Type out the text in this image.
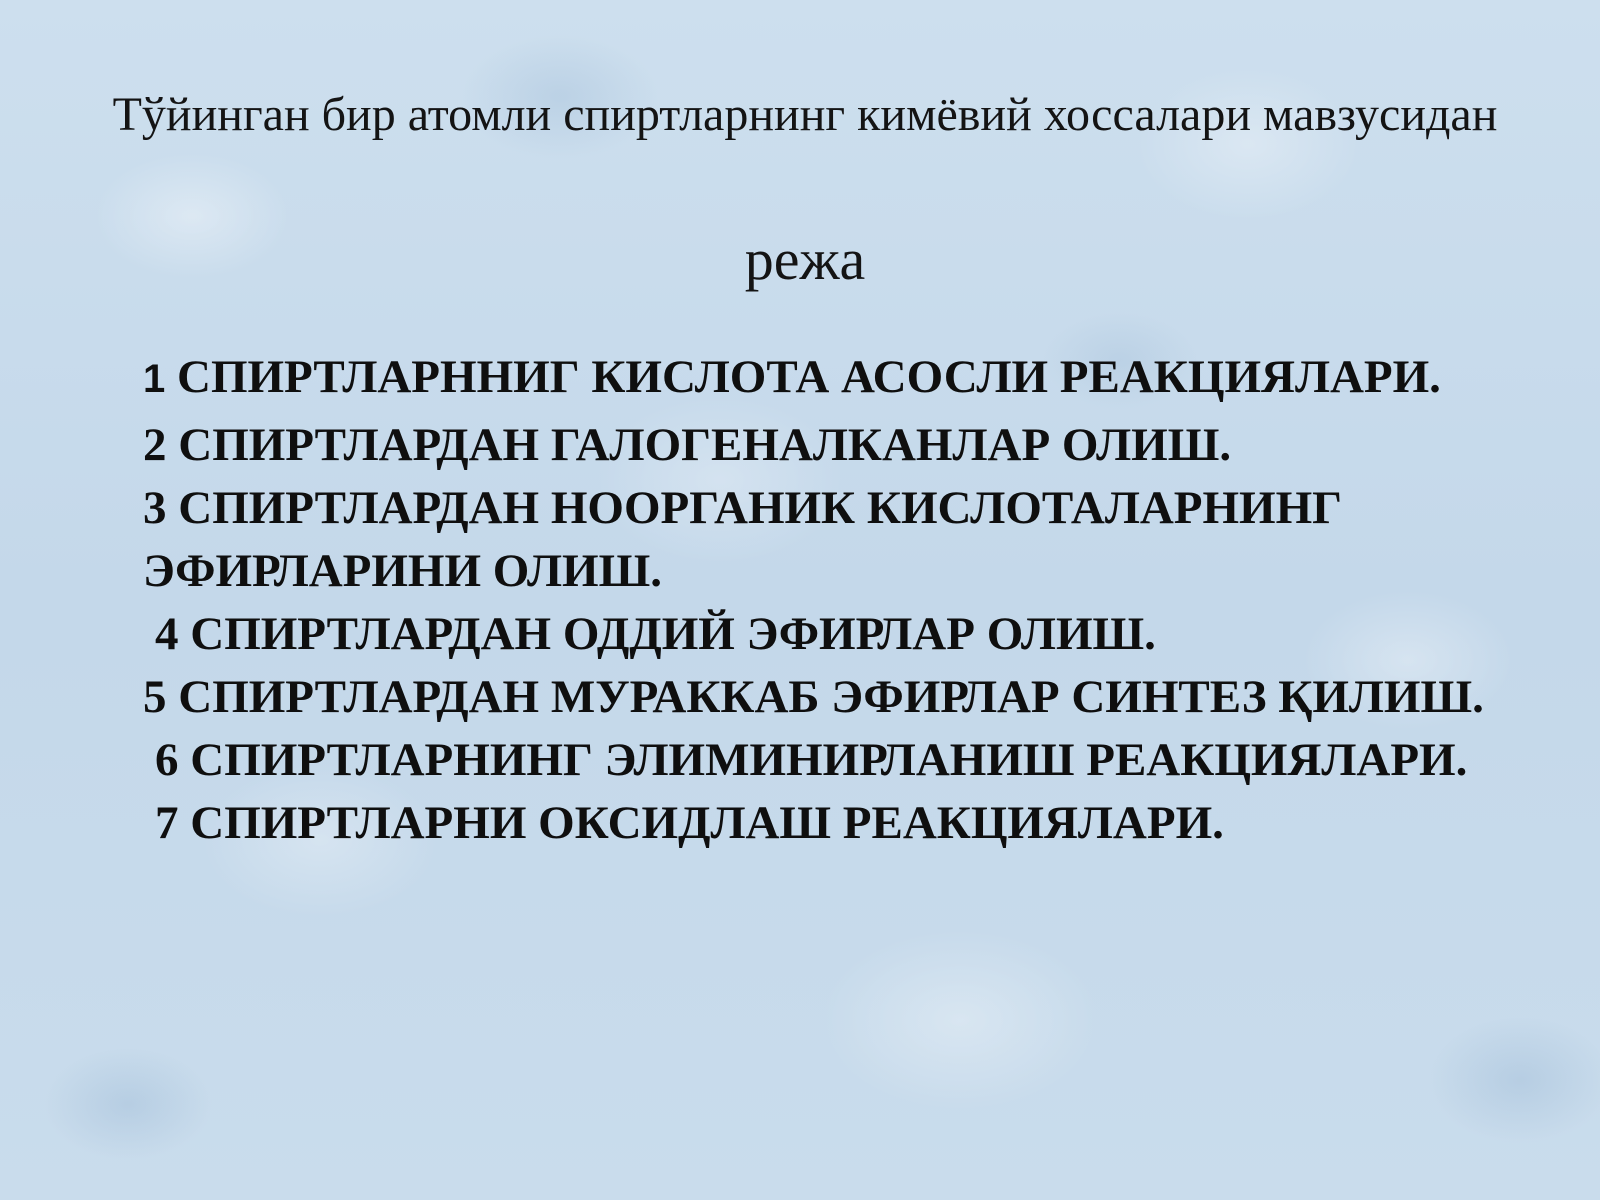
Тўйинган бир атомли спиртларнинг кимёвий хоссалари мавзусидан
режа
1 СПИРТЛАРННИГ КИСЛОТА АСОСЛИ РЕАКЦИЯЛАРИ.
2 СПИРТЛАРДАН ГАЛОГЕНАЛКАНЛАР ОЛИШ.
3 СПИРТЛАРДАН НООРГАНИК КИСЛОТАЛАРНИНГ ЭФИРЛАРИНИ ОЛИШ.
4 СПИРТЛАРДАН ОДДИЙ ЭФИРЛАР ОЛИШ.
5 СПИРТЛАРДАН МУРАККАБ ЭФИРЛАР СИНТЕЗ ҚИЛИШ.
6 СПИРТЛАРНИНГ ЭЛИМИНИРЛАНИШ РЕАКЦИЯЛАРИ.
7 СПИРТЛАРНИ ОКСИДЛАШ РЕАКЦИЯЛАРИ.
